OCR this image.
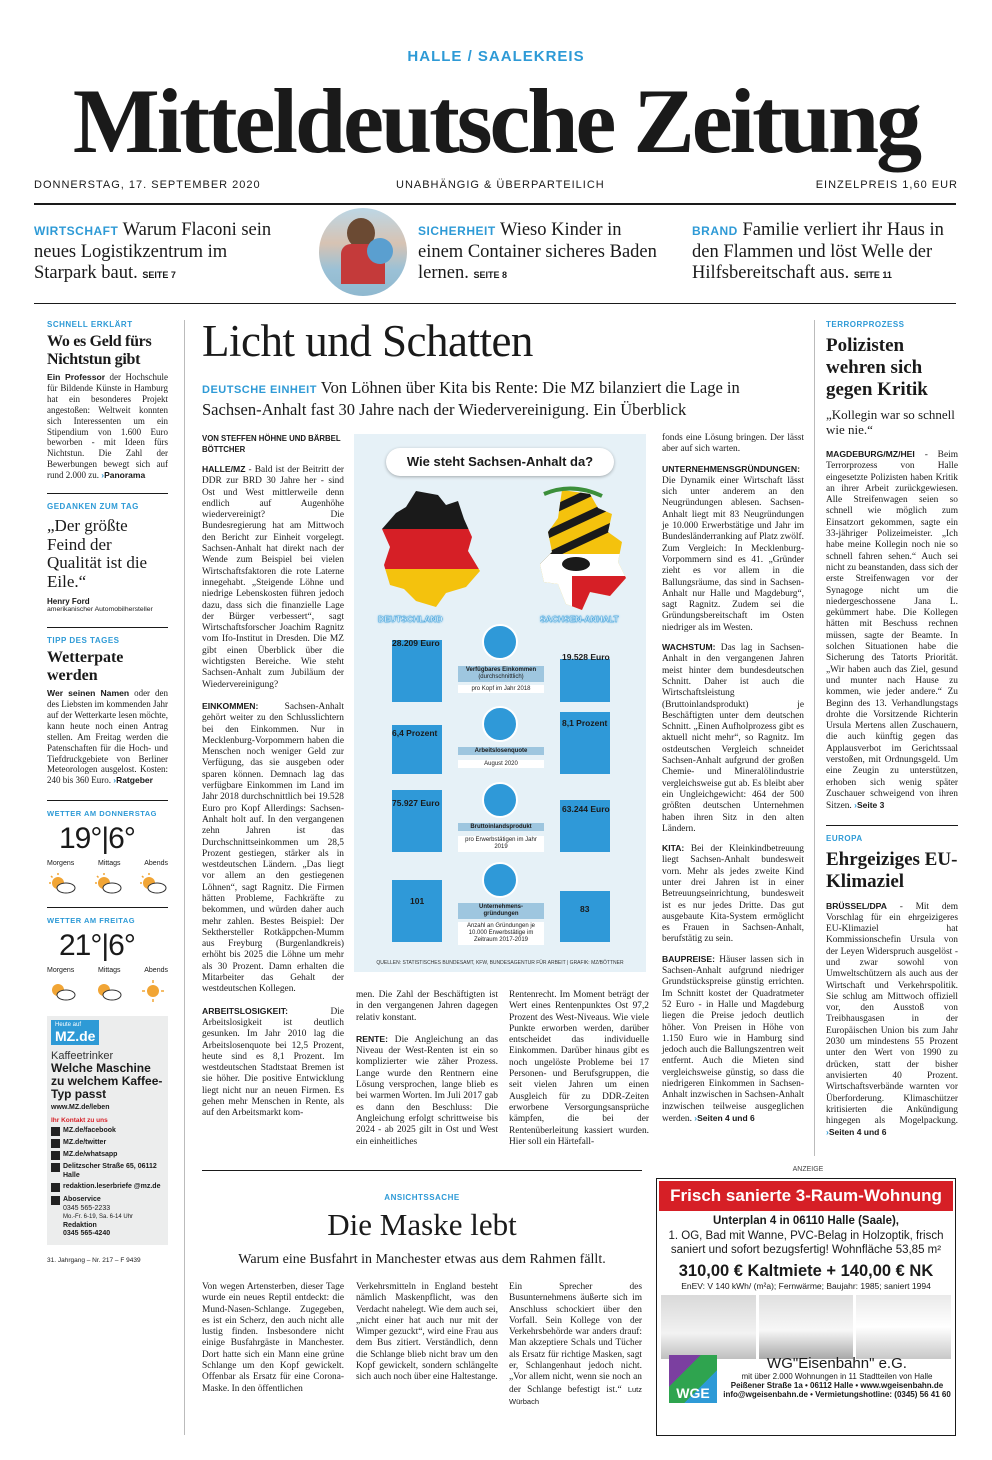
HALLE / SAALEKREIS
Mitteldeutsche Zeitung
DONNERSTAG, 17. SEPTEMBER 2020	UNABHÄNGIG & ÜBERPARTEILICH	EINZELPREIS 1,60 EUR
WIRTSCHAFT Warum Flaconi sein neues Logistikzentrum im Starpark baut. SEITE 7
SICHERHEIT Wieso Kinder in einem Container sicheres Baden lernen. SEITE 8
BRAND Familie verliert ihr Haus in den Flammen und löst Welle der Hilfsbereitschaft aus. SEITE 11
SCHNELL ERKLÄRT
Wo es Geld fürs Nichtstun gibt
Ein Professor der Hochschule für Bildende Künste in Hamburg hat ein besonderes Projekt angestoßen: Weltweit konnten sich Interessenten um ein Stipendium von 1.600 Euro beworben - mit Ideen fürs Nichtstun. Die Zahl der Bewerbungen bewegt sich auf rund 2.000 zu. › Panorama
GEDANKEN ZUM TAG
„Der größte Feind der Qualität ist die Eile.“
Henry Ford
amerikanischer Automobilhersteller
TIPP DES TAGES
Wetterpate werden
Wer seinen Namen oder den des Liebsten im kommenden Jahr auf der Wetterkarte lesen möchte, kann heute noch einen Antrag stellen. Am Freitag werden die Patenschaften für die Hoch- und Tiefdruckgebiete von Berliner Meteorologen ausgelost. Kosten: 240 bis 360 Euro. › Ratgeber
WETTER AM DONNERSTAG
19°|6°
Morgens	Mittags	Abends
WETTER AM FREITAG
21°|6°
Morgens	Mittags	Abends
Heute auf
MZ.de
Kaffeetrinker
Welche Maschine zu welchem Kaffee-Typ passt
www.MZ.de/leben
Ihr Kontakt zu uns
MZ.de/facebook
MZ.de/twitter
MZ.de/whatsapp
Delitzscher Straße 65, 06112 Halle
redaktion.leserbriefe @mz.de
Aboservice
0345 565-2233
Mo.-Fr. 6-19, Sa. 6-14 Uhr
Redaktion
0345 565-4240
31. Jahrgang – Nr. 217 – F 9439
Licht und Schatten
DEUTSCHE EINHEIT Von Löhnen über Kita bis Rente: Die MZ bilanziert die Lage in Sachsen-Anhalt fast 30 Jahre nach der Wiedervereinigung. Ein Überblick
VON STEFFEN HÖHNE UND BÄRBEL BÖTTCHER
HALLE/MZ - Bald ist der Beitritt der DDR zur BRD 30 Jahre her - sind Ost und West mittlerweile denn endlich auf Augenhöhe wiedervereinigt? Die Bundesregierung hat am Mittwoch den Bericht zur Einheit vorgelegt. Sachsen-Anhalt hat direkt nach der Wende zum Beispiel bei vielen Wirtschaftsfaktoren die rote Laterne innegehabt. „Steigende Löhne und niedrige Lebenskosten führen jedoch dazu, dass sich die finanzielle Lage der Bürger verbessert“, sagt Wirtschaftsforscher Joachim Ragnitz vom Ifo-Institut in Dresden. Die MZ gibt einen Überblick über die wichtigsten Bereiche. Wie steht Sachsen-Anhalt zum Jubiläum der Wiedervereinigung?
EINKOMMEN: Sachsen-Anhalt gehört weiter zu den Schlusslichtern bei den Einkommen. Nur in Mecklenburg-Vorpommern haben die Menschen noch weniger Geld zur Verfügung, das sie ausgeben oder sparen können. Demnach lag das verfügbare Einkommen im Land im Jahr 2018 durchschnittlich bei 19.528 Euro pro Kopf Allerdings: Sachsen-Anhalt holt auf. In den vergangenen zehn Jahren ist das Durchschnittseinkommen um 28,5 Prozent gestiegen, stärker als in westdeutschen Ländern. „Das liegt vor allem an den gestiegenen Löhnen“, sagt Ragnitz. Die Firmen hätten Probleme, Fachkräfte zu bekommen, und würden daher auch mehr zahlen. Bestes Beispiel: Der Sekthersteller Rotkäppchen-Mumm aus Freyburg (Burgenlandkreis) erhöht bis 2025 die Löhne um mehr als 30 Prozent. Damn erhalten die Mitarbeiter das Gehalt der westdeutschen Kollegen.
ARBEITSLOSIGKEIT: Die Arbeitslosigkeit ist deutlich gesunken. Im Jahr 2010 lag die Arbeitslosenquote bei 12,5 Prozent, heute sind es 8,1 Prozent. Im westdeutschen Stadtstaat Bremen ist sie höher. Die positive Entwicklung liegt nicht nur an neuen Firmen. Es gehen mehr Menschen in Rente, als auf den Arbeitsmarkt kom-
Wie steht Sachsen-Anhalt da?
DEUTSCHLAND	SACHSEN-ANHALT
28.209 Euro
19.528 Euro
6,4 Prozent
8,1 Prozent
75.927 Euro
63.244 Euro
101
83
Verfügbares Einkommen
(durchschnittlich)
pro Kopf im Jahr 2018
Arbeitslosenquote
August 2020
Bruttoinlandsprodukt
pro Erwerbstätigen im Jahr 2019
Unternehmens-
gründungen
Anzahl an Gründungen je 10.000 Erwerbstätige im Zeitraum 2017-2019
QUELLEN: STATISTISCHES BUNDESAMT, KFW, BUNDESAGENTUR FÜR ARBEIT | GRAFIK: MZ/BÖTTNER
men. Die Zahl der Beschäftigten ist in den vergangenen Jahren dagegen relativ konstant.
RENTE: Die Angleichung an das Niveau der West-Renten ist ein so komplizierter wie zäher Prozess. Lange wurde den Rentnern eine Lösung versprochen, lange blieb es bei warmen Worten. Im Juli 2017 gab es dann den Beschluss: Die Angleichung erfolgt schrittweise bis 2024 - ab 2025 gilt in Ost und West ein einheitliches
Rentenrecht. Im Moment beträgt der Wert eines Rentenpunktes Ost 97,2 Prozent des West-Niveaus. Wie viele Punkte erworben werden, darüber entscheidet das individuelle Einkommen. Darüber hinaus gibt es noch ungelöste Probleme bei 17 Personen- und Berufsgruppen, die seit vielen Jahren um einen Ausgleich für zu DDR-Zeiten erworbene Versorgungsansprüche kämpfen, die bei der Rentenüberleitung kassiert wurden. Hier soll ein Härtefall-
fonds eine Lösung bringen. Der lässt aber auf sich warten.
UNTERNEHMENSGRÜNDUNGEN: Die Dynamik einer Wirtschaft lässt sich unter anderem an den Neugründungen ablesen. Sachsen-Anhalt liegt mit 83 Neugründungen je 10.000 Erwerbstätige und Jahr im Bundesländerranking auf Platz zwölf. Zum Vergleich: In Mecklenburg-Vorpommern sind es 41. „Gründer zieht es vor allem in die Ballungsräume, das sind in Sachsen-Anhalt nur Halle und Magdeburg“, sagt Ragnitz. Zudem sei die Gründungsbereitschaft im Osten niedriger als im Westen.
WACHSTUM: Das lag in Sachsen-Anhalt in den vergangenen Jahren meist hinter dem bundesdeutschen Schnitt. Daher ist auch die Wirtschaftsleistung (Bruttoinlandsprodukt) je Beschäftigten unter dem deutschen Schnitt. „Einen Aufholprozess gibt es aktuell nicht mehr“, so Ragnitz. Im ostdeutschen Vergleich schneidet Sachsen-Anhalt aufgrund der großen Chemie- und Mineralölindustrie vergleichsweise gut ab. Es bleibt aber ein Ungleichgewicht: 464 der 500 größten deutschen Unternehmen haben ihren Sitz in den alten Ländern.
KITA: Bei der Kleinkindbetreuung liegt Sachsen-Anhalt bundesweit vorn. Mehr als jedes zweite Kind unter drei Jahren ist in einer Betreuungseinrichtung, bundesweit ist es nur jedes Dritte. Das gut ausgebaute Kita-System ermöglicht es Frauen in Sachsen-Anhalt, berufstätig zu sein.
BAUPREISE: Häuser lassen sich in Sachsen-Anhalt aufgrund niedriger Grundstückspreise günstig errichten. Im Schnitt kostet der Quadratmeter 52 Euro - in Halle und Magdeburg liegen die Preise jedoch deutlich höher. Von Preisen in Höhe von 1.150 Euro wie in Hamburg sind jedoch auch die Ballungszentren weit entfernt. Auch die Mieten sind vergleichsweise günstig, so dass die niedrigeren Einkommen in Sachsen-Anhalt inzwischen in Sachsen-Anhalt inzwischen teilweise ausgeglichen werden. › Seiten 4 und 6
TERRORPROZESS
Polizisten wehren sich gegen Kritik
„Kollegin war so schnell wie nie.“
MAGDEBURG/MZ/HEI - Beim Terrorprozess von Halle eingesetzte Polizisten haben Kritik an ihrer Arbeit zurückgewiesen. Alle Streifenwagen seien so schnell wie möglich zum Einsatzort gekommen, sagte ein 33-jähriger Polizeimeister. „Ich habe meine Kollegin noch nie so schnell fahren sehen.“ Auch sei nicht zu beanstanden, dass sich der erste Streifenwagen vor der Synagoge nicht um die niedergeschossene Jana L. gekümmert habe. Die Kollegen hätten mit Beschuss rechnen müssen, sagte der Beamte. In solchen Situationen habe die Sicherung des Tatorts Priorität. „Wir haben auch das Ziel, gesund und munter nach Hause zu kommen, wie jeder andere.“ Zu Beginn des 13. Verhandlungstags drohte die Vorsitzende Richterin Ursula Mertens allen Zuschauern, die auch künftig gegen das Applausverbot im Gerichtssaal verstoßen, mit Ordnungsgeld. Um eine Zeugin zu unterstützen, erhoben sich wenig später Zuschauer schweigend von ihren Sitzen. › Seite 3
EUROPA
Ehrgeiziges EU-Klimaziel
BRÜSSEL/DPA - Mit dem Vorschlag für ein ehrgeizigeres EU-Klimaziel hat Kommissionschefin Ursula von der Leyen Widerspruch ausgelöst - und zwar sowohl von Umweltschützern als auch aus der Wirtschaft und Verkehrspolitik. Sie schlug am Mittwoch offiziell vor, den Ausstoß von Treibhausgasen in der Europäischen Union bis zum Jahr 2030 um mindestens 55 Prozent unter den Wert von 1990 zu drücken, statt der bisher anvisierten 40 Prozent. Wirtschaftsverbände warnten vor Überforderung. Klimaschützer kritisierten die Ankündigung hingegen als Mogelpackung. › Seiten 4 und 6
ANSICHTSSACHE
Die Maske lebt
Warum eine Busfahrt in Manchester etwas aus dem Rahmen fällt.
Von wegen Artensterben, dieser Tage wurde ein neues Reptil entdeckt: die Mund-Nasen-Schlange. Zugegeben, es ist ein Scherz, den auch nicht alle lustig finden. Insbesondere nicht einige Busfahrgäste in Manchester. Dort hatte sich ein Mann eine grüne Schlange um den Kopf gewickelt. Offenbar als Ersatz für eine Corona-Maske. In den öffentlichen
Verkehrsmitteln in England besteht nämlich Maskenpflicht, was den Verdacht nahelegt. Wie dem auch sei, „nicht einer hat auch nur mit der Wimper gezuckt“, wird eine Frau aus dem Bus zitiert. Verständlich, denn die Schlange blieb nicht brav um den Kopf gewickelt, sondern schlängelte sich auch noch über eine Haltestange.
Ein Sprecher des Busunternehmens äußerte sich im Anschluss schockiert über den Vorfall. Sein Kollege von der Verkehrsbehörde war anders drauf: Man akzeptiere Schals und Tücher als Ersatz für richtige Masken, sagt er, Schlangenhaut jedoch nicht. „Vor allem nicht, wenn sie noch an der Schlange befestigt ist.“ Lutz Würbach
ANZEIGE
Frisch sanierte 3-Raum-Wohnung
Unterplan 4 in 06110 Halle (Saale),
1. OG, Bad mit Wanne, PVC-Belag in Holzoptik, frisch
saniert und sofort bezugsfertig! Wohnfläche 53,85 m²
310,00 € Kaltmiete + 140,00 € NK
EnEV: V 140 kWh/ (m²a); Fernwärme; Baujahr: 1985; saniert 1994
WGE
WG"Eisenbahn" e.G.
mit über 2.000 Wohnungen in 11 Stadtteilen von Halle
Peißener Straße 1a • 06112 Halle • www.wgeisenbahn.de
info@wgeisenbahn.de • Vermietungshotline: (0345) 56 41 60
